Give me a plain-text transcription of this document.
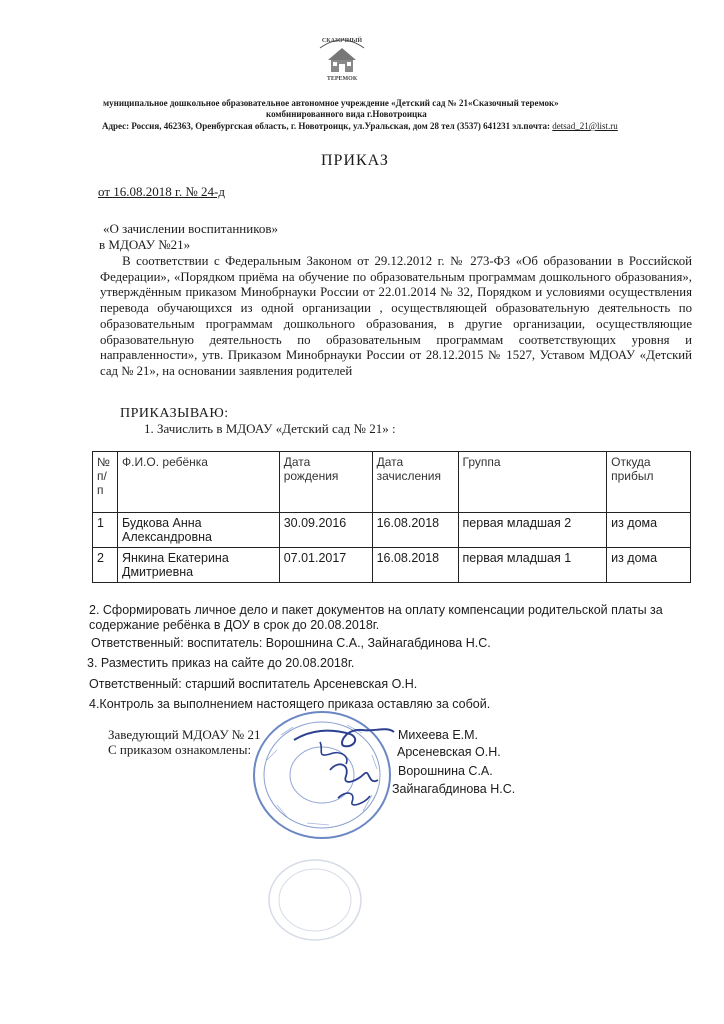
СКАЗОЧНЫЙ
ТЕРЕМОК
муниципальное дошкольное образовательное автономное учреждение «Детский сад № 21«Сказочный теремок»
комбинированного вида г.Новотроицка
Адрес: Россия, 462363, Оренбургская область, г. Новотроицк, ул.Уральская, дом 28 тел (3537) 641231 эл.почта: detsad_21@list.ru
ПРИКАЗ
от 16.08.2018 г. № 24-д
«О зачислении воспитанников»
в МДОАУ №21»
В соответствии с Федеральным Законом от 29.12.2012 г. № 273-ФЗ «Об образовании в Российской Федерации», «Порядком приёма на обучение по образовательным программам дошкольного образования», утверждённым приказом Минобрнауки России от 22.01.2014 № 32, Порядком и условиями осуществления перевода обучающихся из одной организации , осуществляющей образовательную деятельность по образовательным программам дошкольного образования, в другие организации, осуществляющие образовательную деятельность по образовательным программам соответствующих уровня и направленности», утв. Приказом Минобрнауки России от 28.12.2015 № 1527, Уставом МДОАУ «Детский сад № 21», на основании заявления родителей
ПРИКАЗЫВАЮ:
1. Зачислить в МДОАУ «Детский сад № 21» :
№ п/п	Ф.И.О. ребёнка	Дата рождения	Дата зачисления	Группа	Откуда прибыл
1	Будкова Анна Александровна	30.09.2016	16.08.2018	первая младшая 2	из дома
2	Янкина Екатерина Дмитриевна	07.01.2017	16.08.2018	первая младшая 1	из дома
2. Сформировать личное дело и пакет документов на оплату компенсации родительской платы за содержание ребёнка в ДОУ в срок до 20.08.2018г.
Ответственный: воспитатель: Ворошнина С.А., Зайнагабдинова Н.С.
3. Разместить приказ на сайте до 20.08.2018г.
Ответственный: старший воспитатель Арсеневская О.Н.
4.Контроль за выполнением настоящего приказа оставляю за собой.
Заведующий МДОАУ № 21
С приказом ознакомлены:
Михеева Е.М.
Арсеневская О.Н.
Ворошнина С.А.
Зайнагабдинова Н.С.
